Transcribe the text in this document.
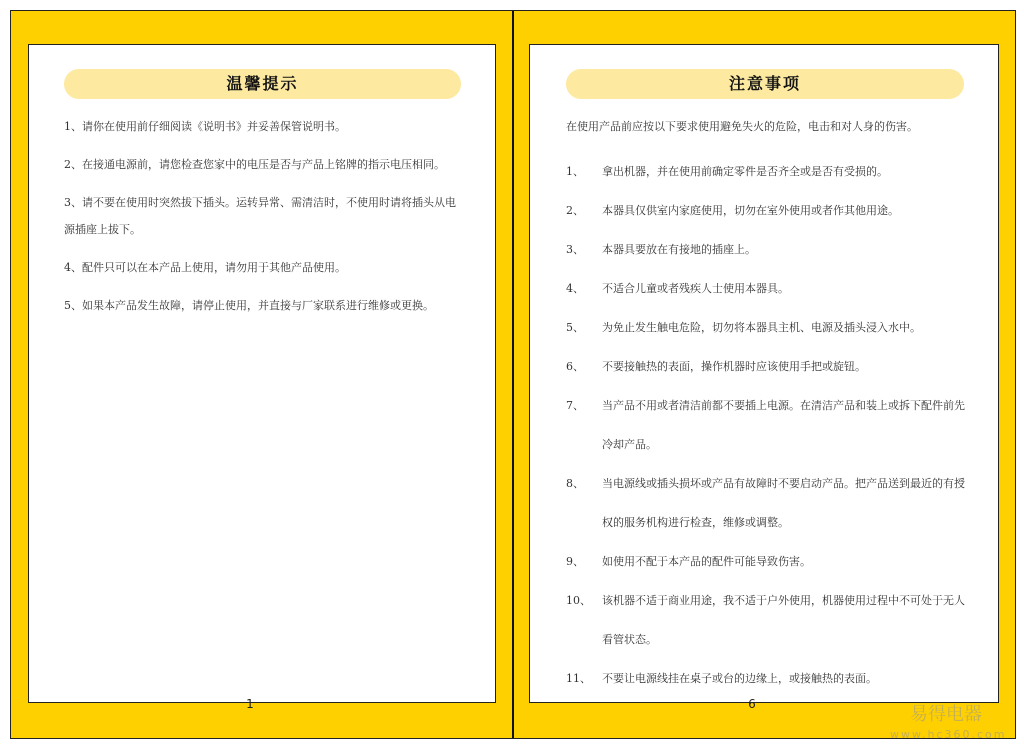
温馨提示
1、请你在使用前仔细阅读《说明书》并妥善保管说明书。
2、在接通电源前，请您检查您家中的电压是否与产品上铭牌的指示电压相同。
3、请不要在使用时突然拔下插头。运转异常、需清洁时，不使用时请将插头从电源插座上拔下。
4、配件只可以在本产品上使用，请勿用于其他产品使用。
5、如果本产品发生故障，请停止使用，并直接与厂家联系进行维修或更换。
注意事项
在使用产品前应按以下要求使用避免失火的危险，电击和对人身的伤害。
1、	拿出机器，并在使用前确定零件是否齐全或是否有受损的。
2、	本器具仅供室内家庭使用，切勿在室外使用或者作其他用途。
3、	本器具要放在有接地的插座上。
4、	不适合儿童或者残疾人士使用本器具。
5、	为免止发生触电危险，切勿将本器具主机、电源及插头浸入水中。
6、	不要接触热的表面，操作机器时应该使用手把或旋钮。
7、	当产品不用或者清洁前都不要插上电源。在清洁产品和装上或拆下配件前先冷却产品。
8、	当电源线或插头损坏或产品有故障时不要启动产品。把产品送到最近的有授权的服务机构进行检查，维修或调整。
9、	如使用不配于本产品的配件可能导致伤害。
10、	该机器不适于商业用途，我不适于户外使用，机器使用过程中不可处于无人看管状态。
11、	不要让电源线挂在桌子或台的边缘上，或接触热的表面。
1	6	易得电器
www.hc360.com
